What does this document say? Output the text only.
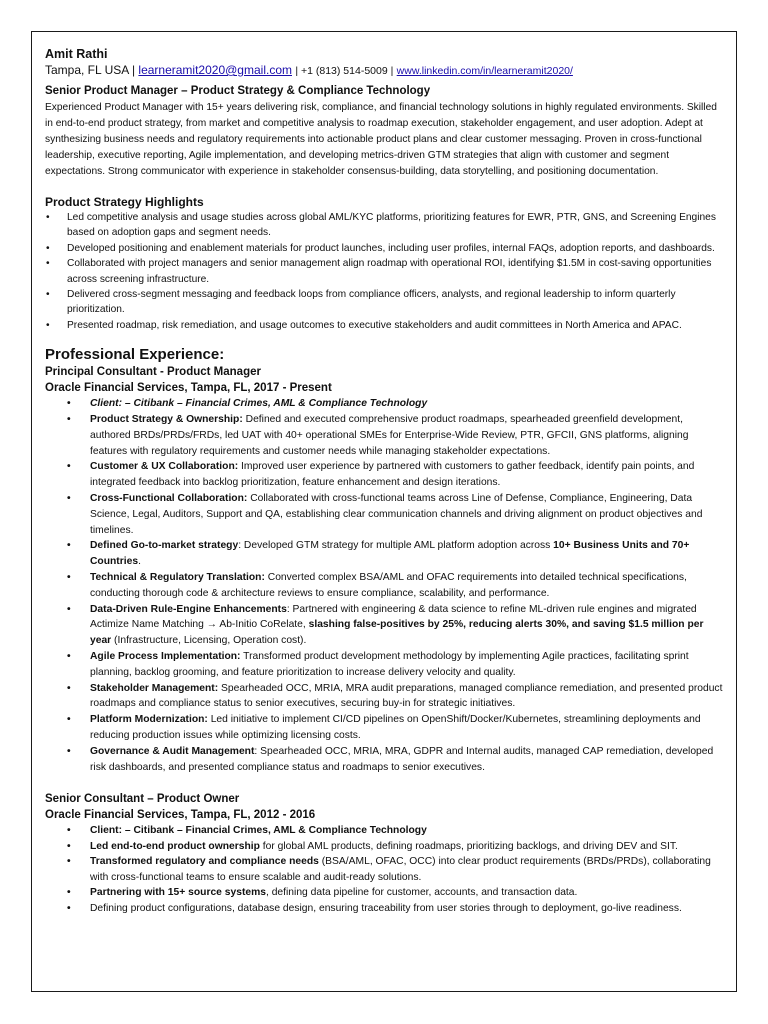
Amit Rathi
Tampa, FL USA | learneramit2020@gmail.com | +1 (813) 514-5009 | www.linkedin.com/in/learneramit2020/
Senior Product Manager – Product Strategy & Compliance Technology

Experienced Product Manager with 15+ years delivering risk, compliance, and financial technology solutions in highly regulated environments. Skilled in end-to-end product strategy, from market and competitive analysis to roadmap execution, stakeholder engagement, and user adoption. Adept at synthesizing business needs and regulatory requirements into actionable product plans and clear customer messaging. Proven in cross-functional leadership, executive reporting, Agile implementation, and developing metrics-driven GTM strategies that align with customer and segment expectations. Strong communicator with experience in stakeholder consensus-building, data storytelling, and positioning documentation.

Product Strategy Highlights
• Led competitive analysis and usage studies across global AML/KYC platforms, prioritizing features for EWR, PTR, GNS, and Screening Engines based on adoption gaps and segment needs.
• Developed positioning and enablement materials for product launches, including user profiles, internal FAQs, adoption reports, and dashboards.
• Collaborated with project managers and senior management align roadmap with operational ROI, identifying $1.5M in cost-saving opportunities across screening infrastructure.
• Delivered cross-segment messaging and feedback loops from compliance officers, analysts, and regional leadership to inform quarterly prioritization.
• Presented roadmap, risk remediation, and usage outcomes to executive stakeholders and audit committees in North America and APAC.
Professional Experience:
Principal Consultant - Product Manager
Oracle Financial Services, Tampa, FL, 2017 - Present
• Client: – Citibank – Financial Crimes, AML & Compliance Technology
• Product Strategy & Ownership: Defined and executed comprehensive product roadmaps, spearheaded greenfield development, authored BRDs/PRDs/FRDs, led UAT with 40+ operational SMEs for Enterprise-Wide Review, PTR, GFCII, GNS platforms, aligning features with regulatory requirements and customer needs while managing stakeholder expectations.
• Customer & UX Collaboration: Improved user experience by partnered with customers to gather feedback, identify pain points, and integrated feedback into backlog prioritization, feature enhancement and design iterations.
• Cross-Functional Collaboration: Collaborated with cross-functional teams across Line of Defense, Compliance, Engineering, Data Science, Legal, Auditors, Support and QA, establishing clear communication channels and driving alignment on product objectives and timelines.
• Defined Go-to-market strategy: Developed GTM strategy for multiple AML platform adoption across 10+ Business Units and 70+ Countries.
• Technical & Regulatory Translation: Converted complex BSA/AML and OFAC requirements into detailed technical specifications, conducting thorough code & architecture reviews to ensure compliance, scalability, and performance.
• Data-Driven Rule-Engine Enhancements: Partnered with engineering & data science to refine ML-driven rule engines and migrated Actimize Name Matching → Ab-Initio CoRelate, slashing false-positives by 25%, reducing alerts 30%, and saving $1.5 million per year (Infrastructure, Licensing, Operation cost).
• Agile Process Implementation: Transformed product development methodology by implementing Agile practices, facilitating sprint planning, backlog grooming, and feature prioritization to increase delivery velocity and quality.
• Stakeholder Management: Spearheaded OCC, MRIA, MRA audit preparations, managed compliance remediation, and presented product roadmaps and compliance status to senior executives, securing buy-in for strategic initiatives.
• Platform Modernization: Led initiative to implement CI/CD pipelines on OpenShift/Docker/Kubernetes, streamlining deployments and reducing production issues while optimizing licensing costs.
• Governance & Audit Management: Spearheaded OCC, MRIA, MRA, GDPR and Internal audits, managed CAP remediation, developed risk dashboards, and presented compliance status and roadmaps to senior executives.
Senior Consultant – Product Owner
Oracle Financial Services, Tampa, FL, 2012 - 2016
• Client: – Citibank – Financial Crimes, AML & Compliance Technology
• Led end-to-end product ownership for global AML products, defining roadmaps, prioritizing backlogs, and driving DEV and SIT.
• Transformed regulatory and compliance needs (BSA/AML, OFAC, OCC) into clear product requirements (BRDs/PRDs), collaborating with cross-functional teams to ensure scalable and audit-ready solutions.
• Partnering with 15+ source systems, defining data pipeline for customer, accounts, and transaction data.
• Defining product configurations, database design, ensuring traceability from user stories through to deployment, go-live readiness.
